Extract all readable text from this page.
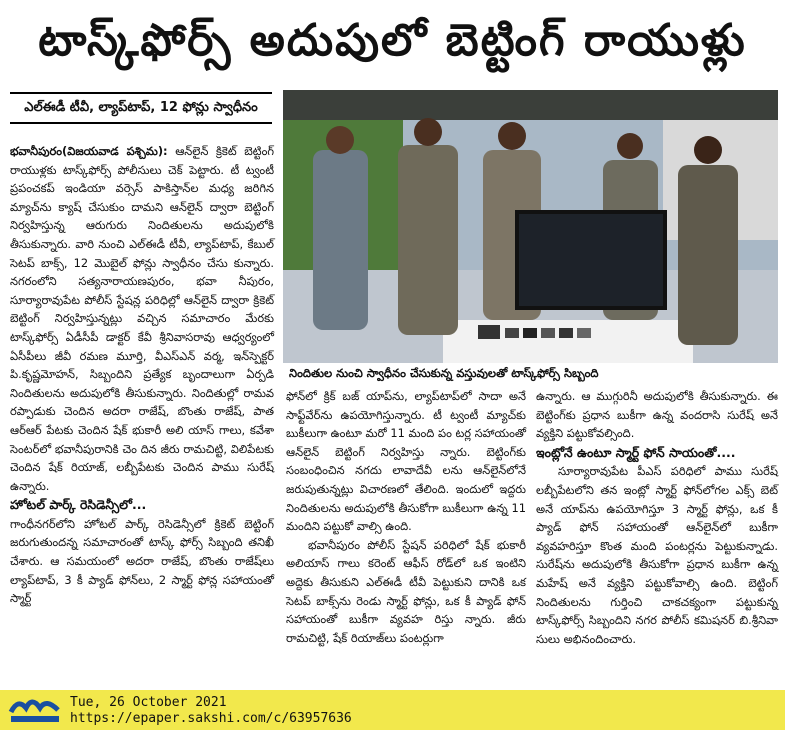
టాస్క్‌ఫోర్స్ అదుపులో బెట్టింగ్ రాయుళ్లు
ఎల్‌ఈడీ టీవీ, ల్యాప్‌టాప్, 12 ఫోన్లు స్వాధీనం

భవానీపురం(విజయవాడ పశ్చిమ): ఆన్‌లైన్ క్రికెట్ బెట్టింగ్ రాయుళ్లకు టాస్క్‌ఫోర్స్ పోలీసులు చెక్ పెట్టారు. టీ ట్వంటీ ప్రపంచకప్ ఇండియా వర్సెస్ పాకిస్తాన్‌ల మధ్య జరిగిన మ్యాచ్‌ను క్యాష్ చేసుకుం దామని ఆన్‌లైన్ ద్వారా బెట్టింగ్ నిర్వహిస్తున్న ఆరుగురు నిందితులను అదుపులోకి తీసుకున్నారు. వారి నుంచి ఎల్‌ఈడీ టీవీ, ల్యాప్‌టాప్, కేబుల్ సెటప్ బాక్స్, 12 మొబైల్ ఫోన్లు స్వాధీనం చేసు కున్నారు. నగరంలోని సత్యనారాయణపురం, భవా నీపురం, సూర్యారావుపేట పోలీస్ స్టేషన్ల పరిధిల్లో ఆన్‌లైన్ ద్వారా క్రికెట్ బెట్టింగ్ నిర్వహిస్తున్నట్లు వచ్చిన సమాచారం మేరకు టాస్క్‌ఫోర్స్ ఏడీసీపీ డాక్టర్ కేవీ శ్రీనివాసరావు ఆధ్వర్యంలో ఏసీపీలు జీవీ రమణ మూర్తి, వీఎస్‌ఎన్ వర్మ, ఇన్‌స్పెక్టర్ పి.కృష్ణమోహన్, సిబ్బందిని ప్రత్యేక బృందాలుగా ఏర్పడి నిందితులను అదుపులోకి తీసుకున్నారు. నిందితుల్లో రామవ రప్పాడుకు చెందిన అదరా రాజేష్, బొంతు రాజేష్, పాత ఆర్‌ఆర్ పేటకు చెందిన షేక్ భుకారీ అలి యాస్ గాలు, కవేశా సెంటర్‌లో భవానీపురానికి చెం దిన జీరు రామచిట్టి, విలిపేటకు చెందిన షేక్ రియాజ్, లబ్బీపేటకు చెందిన పాము సురేష్ ఉన్నారు.

హోటల్ పార్క్ రెసిడెన్సీలో...

గాంధీనగర్‌లోని హోటల్ పార్క్ రెసిడెన్సీలో క్రికెట్ బెట్టింగ్ జరుగుతుందన్న సమాచారంతో టాస్క్ ఫోర్స్ సిబ్బంది తనిఖీ చేశారు. ఆ సమయంలో అదరా రాజేష్, బొంతు రాజేష్‌లు ల్యాప్‌టాప్, 3 కీ ప్యాడ్ ఫోన్‌లు, 2 స్మార్ట్ ఫోన్ల సహాయంతో స్మార్ట్

నిందితుల నుంచి స్వాధీనం చేసుకున్న వస్తువులతో టాస్క్‌ఫోర్స్ సిబ్బంది

ఫోన్‌లో క్రిక్ బజ్ యాప్‌ను, ల్యాప్‌టాప్‌లో సాదా అనే సాఫ్ట్‌వేర్‌ను ఉపయోగిస్తున్నారు. టీ ట్వంటీ మ్యాచ్‌కు బుకీలుగా ఉంటూ మరో 11 మంది పం టర్ల సహాయంతో ఆన్‌లైన్ బెట్టింగ్ నిర్వహిస్తు న్నారు. బెట్టింగ్‌కు సంబంధించిన నగదు లావాదేవీ లను ఆన్‌లైన్‌లోనే జరుపుతున్నట్లు విచారణలో తేలింది. ఇందులో ఇద్దరు నిందితులను అదుపులోకి తీసుకోగా బుకీలుగా ఉన్న 11 మందిని పట్టుకో వాల్సి ఉంది.

భవానీపురం పోలీస్ స్టేషన్ పరిధిలో షేక్ భుకారీ అలియాస్ గాలు కరెంట్ ఆఫీస్ రోడ్‌లో ఒక ఇంటిని అద్దెకు తీసుకుని ఎల్‌ఈడీ టీవీ పెట్టుకుని దానికి ఒక సెటప్ బాక్స్‌ను రెండు స్మార్ట్ ఫోన్లు, ఒక కీ ప్యాడ్ ఫోన్ సహాయంతో బుకీగా వ్యవహ రిస్తు న్నారు. జీరు రామచిట్టి, షేక్ రియాజ్‌లు పంటర్లుగా

ఉన్నారు. ఆ ముగ్గురినీ అదుపులోకి తీసుకున్నారు. ఈ బెట్టింగ్‌కు ప్రధాన బుకీగా ఉన్న వందరాసి సురేష్ అనే వ్యక్తిని పట్టుకోవల్సింది.

ఇంట్లోనే ఉంటూ స్మార్ట్ ఫోన్ సాయంతో....

సూర్యారావుపేట పీఎస్ పరిధిలో పాము సురేష్ లబ్బీపేటలోని తన ఇంట్లో స్మార్ట్ ఫోన్‌లోగల ఎక్స్ బెట్ అనే యాప్‌ను ఉపయోగిస్తూ 3 స్మార్ట్ ఫోన్లు, ఒక కీ ప్యాడ్ ఫోన్ సహాయంతో ఆన్‌లైన్‌లో బుకీగా వ్యవహరిస్తూ కొంత మంది పంటర్లను పెట్టుకున్నాడు. సురేష్‌ను అదుపులోకి తీసుకోగా ప్రధాన బుకీగా ఉన్న మహేష్ అనే వ్యక్తిని పట్టుకోవాల్సి ఉంది. బెట్టింగ్ నిందితులను గుర్తించి చాకచక్యంగా పట్టుకున్న టాస్క్‌ఫోర్స్ సిబ్బందిని నగర పోలీస్ కమిషనర్ బి.శ్రీనివా సులు అభినందించారు.

Tue, 26 October 2021
https://epaper.sakshi.com/c/63957636
